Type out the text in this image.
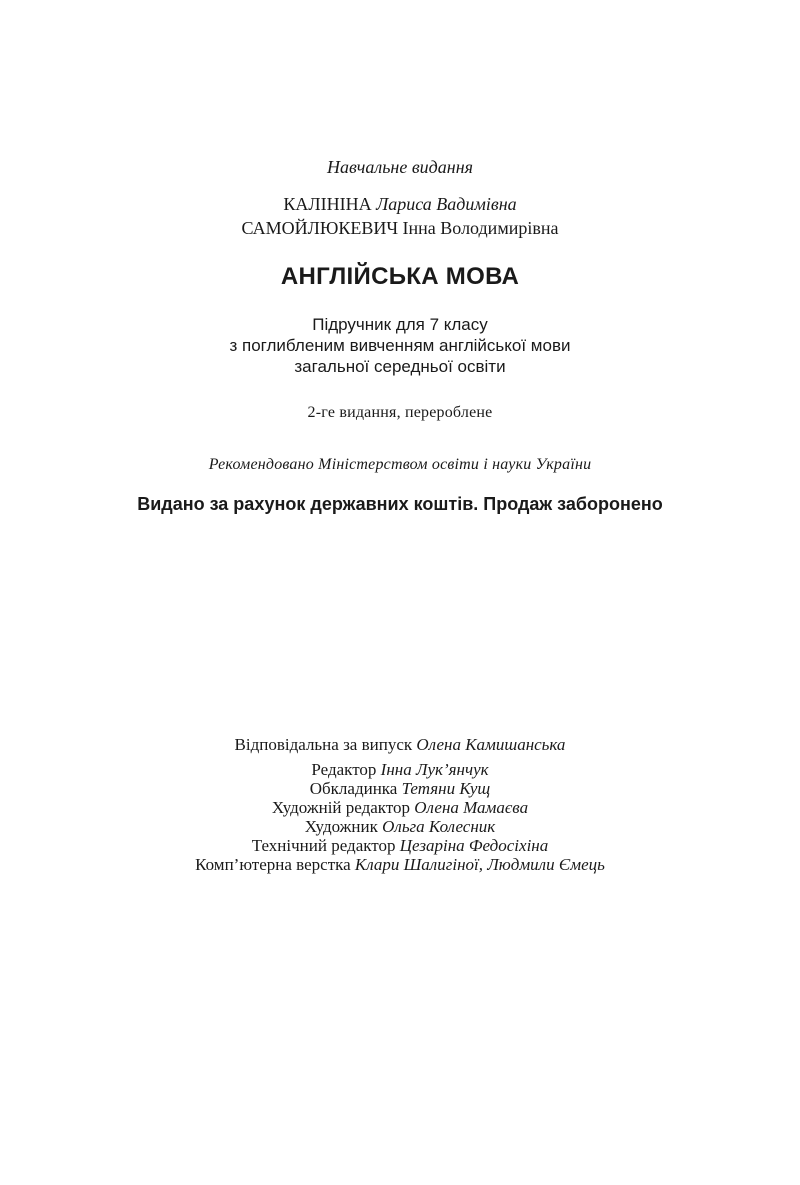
Навчальне видання
КАЛІНІНА Лариса Вадимівна
САМОЙЛЮКЕВИЧ Інна Володимирівна
АНГЛІЙСЬКА МОВА
Підручник для 7 класу
з поглибленим вивченням англійської мови
загальної середньої освіти
2-ге видання, перероблене
Рекомендовано Міністерством освіти і науки України
Видано за рахунок державних коштів. Продаж заборонено
Відповідальна за випуск Олена Камишанська
Редактор Інна Лук’янчук
Обкладинка Тетяни Кущ
Художній редактор Олена Мамаєва
Художник Ольга Колесник
Технічний редактор Цезаріна Федосіхіна
Комп’ютерна верстка Клари Шалигіної, Людмили Ємець
